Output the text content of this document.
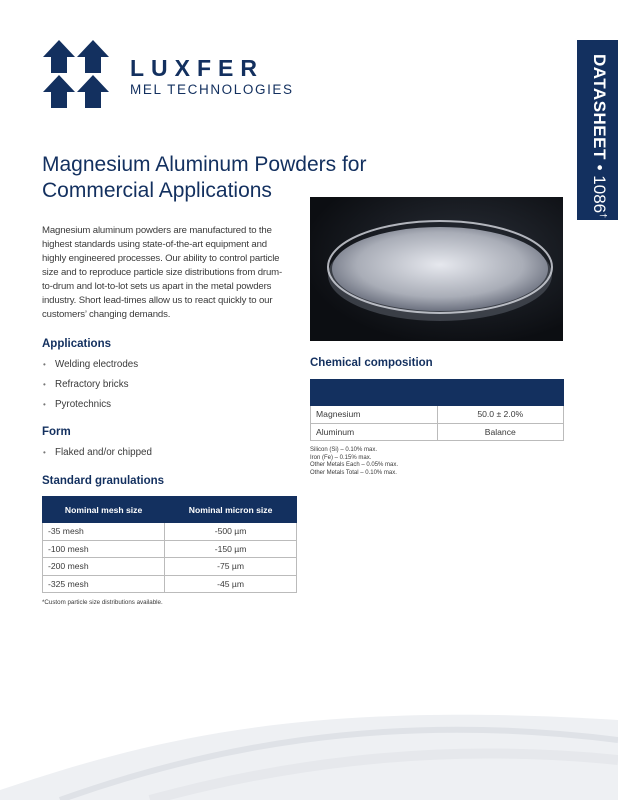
LUXFER
MEL TECHNOLOGIES	DATASHEET • 1086†
Magnesium Aluminum Powders for
Commercial Applications

Magnesium aluminum powders are manufactured to the highest standards using state-of-the-art equipment and highly engineered processes. Our ability to control particle size and to reproduce particle size distributions from drum-to-drum and lot-to-lot sets us apart in the metal powders industry. Short lead-times allow us to react quickly to our customers’ changing demands.

Applications
• Welding electrodes
• Refractory bricks
• Pyrotechnics
Form
• Flaked and/or chipped
Standard granulations
Nominal mesh size	Nominal micron size
-35 mesh	-500 µm
-100 mesh	-150 µm
-200 mesh	-75 µm
-325 mesh	-45 µm
*Custom particle size distributions available.
Chemical composition

Magnesium	50.0 ± 2.0%
Aluminum	Balance
Silicon (Si) – 0.10% max.
Iron (Fe) – 0.15% max.
Other Metals Each – 0.05% max.
Other Metals Total – 0.10% max.
